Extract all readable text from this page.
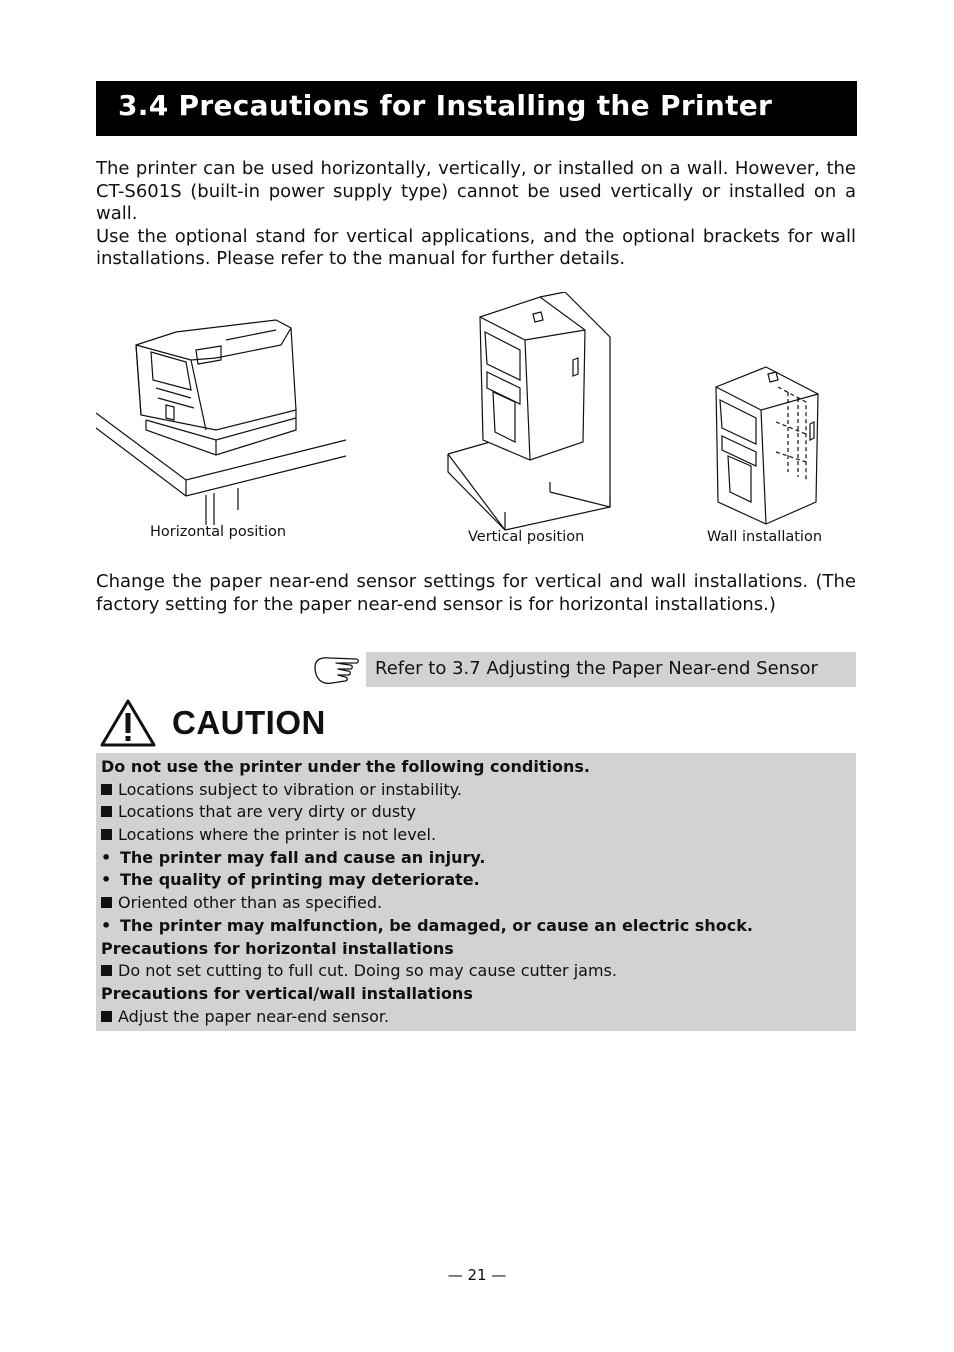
3.4 Precautions for Installing the Printer

The printer can be used horizontally, vertically, or installed on a wall. However, the CT-S601S (built-in power supply type) cannot be used vertically or installed on a wall.

Use the optional stand for vertical applications, and the optional brackets for wall installations. Please refer to the manual for further details.

Horizontal position	Vertical position	Wall installation

Change the paper near-end sensor settings for vertical and wall installations. (The factory setting for the paper near-end sensor is for horizontal installations.)

Refer to 3.7 Adjusting the Paper Near-end Sensor
CAUTION
Do not use the printer under the following conditions.
Locations subject to vibration or instability.
Locations that are very dirty or dusty
Locations where the printer is not level.
• The printer may fall and cause an injury.
• The quality of printing may deteriorate.
Oriented other than as specified.
• The printer may malfunction, be damaged, or cause an electric shock.
Precautions for horizontal installations
Do not set cutting to full cut. Doing so may cause cutter jams.
Precautions for vertical/wall installations
Adjust the paper near-end sensor.
— 21 —
